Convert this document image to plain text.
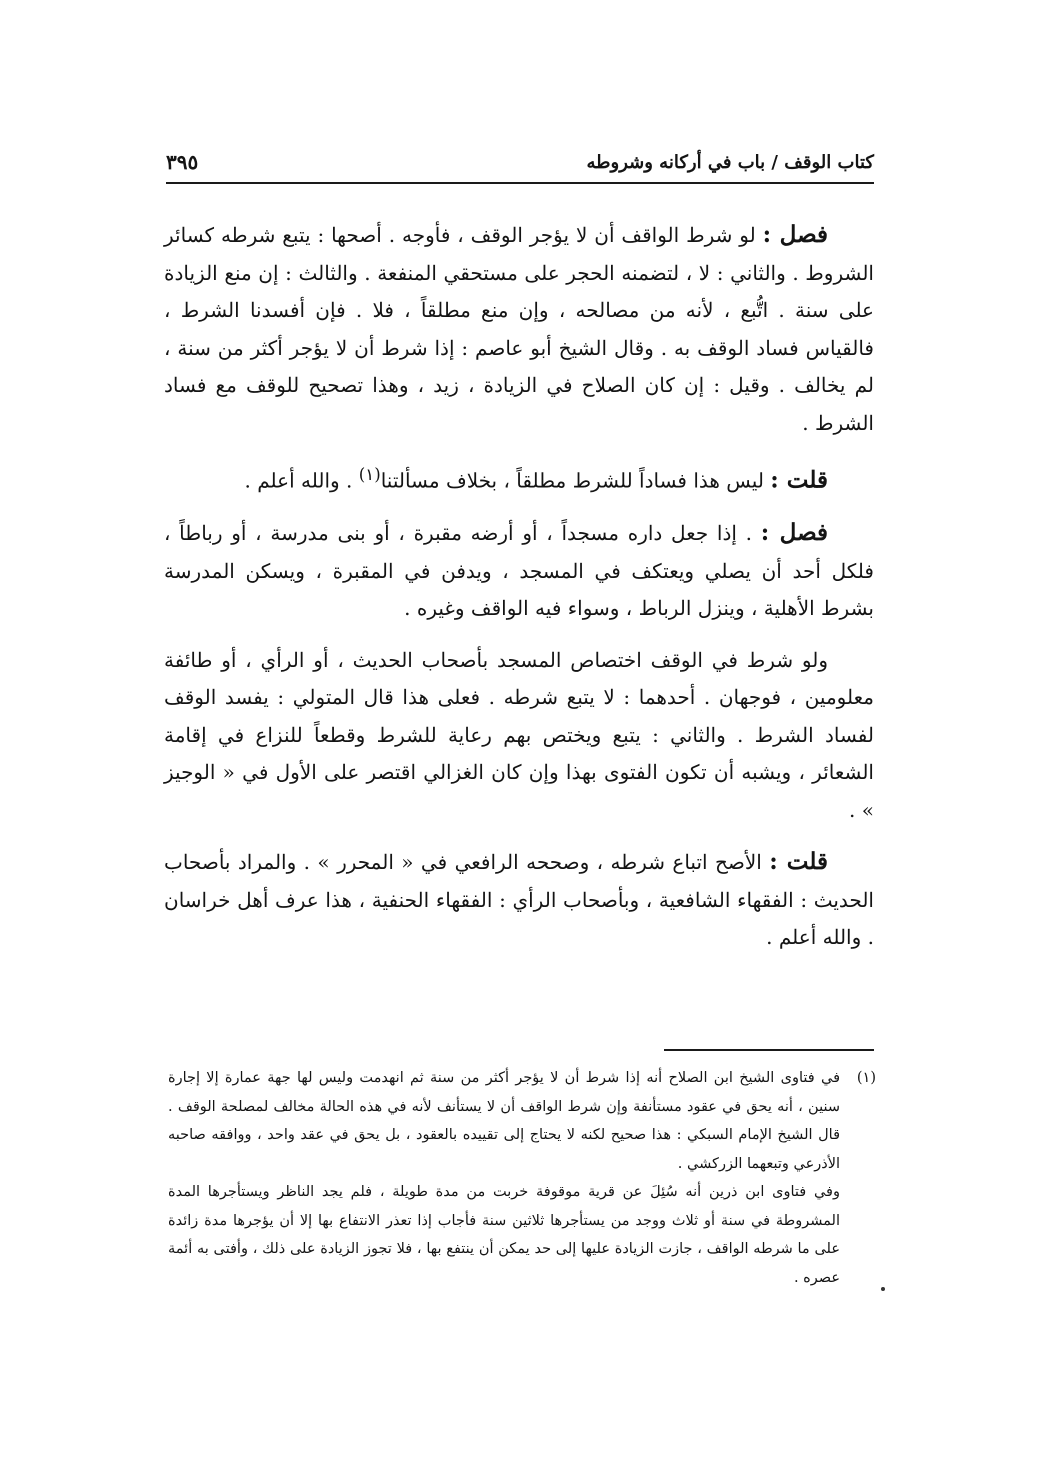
كتاب الوقف / باب في أركانه وشروطه
٣٩٥

فصل : لو شرط الواقف أن لا يؤجر الوقف ، فأوجه . أصحها : يتبع شرطه كسائر الشروط . والثاني : لا ، لتضمنه الحجر على مستحقي المنفعة . والثالث : إن منع الزيادة على سنة . اتُّبع ، لأنه من مصالحه ، وإن منع مطلقاً ، فلا . فإن أفسدنا الشرط ، فالقياس فساد الوقف به . وقال الشيخ أبو عاصم : إذا شرط أن لا يؤجر أكثر من سنة ، لم يخالف . وقيل : إن كان الصلاح في الزيادة ، زيد ، وهذا تصحيح للوقف مع فساد الشرط .

قلت : ليس هذا فساداً للشرط مطلقاً ، بخلاف مسألتنا$^{(١)}$ . والله أعلم .

فصل : . إذا جعل داره مسجداً ، أو أرضه مقبرة ، أو بنى مدرسة ، أو رباطاً ، فلكل أحد أن يصلي ويعتكف في المسجد ، ويدفن في المقبرة ، ويسكن المدرسة بشرط الأهلية ، وينزل الرباط ، وسواء فيه الواقف وغيره .

ولو شرط في الوقف اختصاص المسجد بأصحاب الحديث ، أو الرأي ، أو طائفة معلومين ، فوجهان . أحدهما : لا يتبع شرطه . فعلى هذا قال المتولي : يفسد الوقف لفساد الشرط . والثاني : يتبع ويختص بهم رعاية للشرط وقطعاً للنزاع في إقامة الشعائر ، ويشبه أن تكون الفتوى بهذا وإن كان الغزالي اقتصر على الأول في « الوجيز » .

قلت : الأصح اتباع شرطه ، وصححه الرافعي في « المحرر » . والمراد بأصحاب الحديث : الفقهاء الشافعية ، وبأصحاب الرأي : الفقهاء الحنفية ، هذا عرف أهل خراسان . والله أعلم .

(١)في فتاوى الشيخ ابن الصلاح أنه إذا شرط أن لا يؤجر أكثر من سنة ثم انهدمت وليس لها جهة عمارة إلا إجارة سنين ، أنه يحق في عقود مستأنفة وإن شرط الواقف أن لا يستأنف لأنه في هذه الحالة مخالف لمصلحة الوقف . قال الشيخ الإمام السبكي : هذا صحيح لكنه لا يحتاج إلى تقييده بالعقود ، بل يحق في عقد واحد ، ووافقه صاحبه الأذرعي وتبعهما الزركشي .

وفي فتاوى ابن ذرين أنه سُئِلَ عن قرية موقوفة خربت من مدة طويلة ، فلم يجد الناظر ويستأجرها المدة المشروطة في سنة أو ثلاث ووجد من يستأجرها ثلاثين سنة فأجاب إذا تعذر الانتفاع بها إلا أن يؤجرها مدة زائدة على ما شرطه الواقف ، جازت الزيادة عليها إلى حد يمكن أن ينتفع بها ، فلا تجوز الزيادة على ذلك ، وأفتى به أئمة عصره .
